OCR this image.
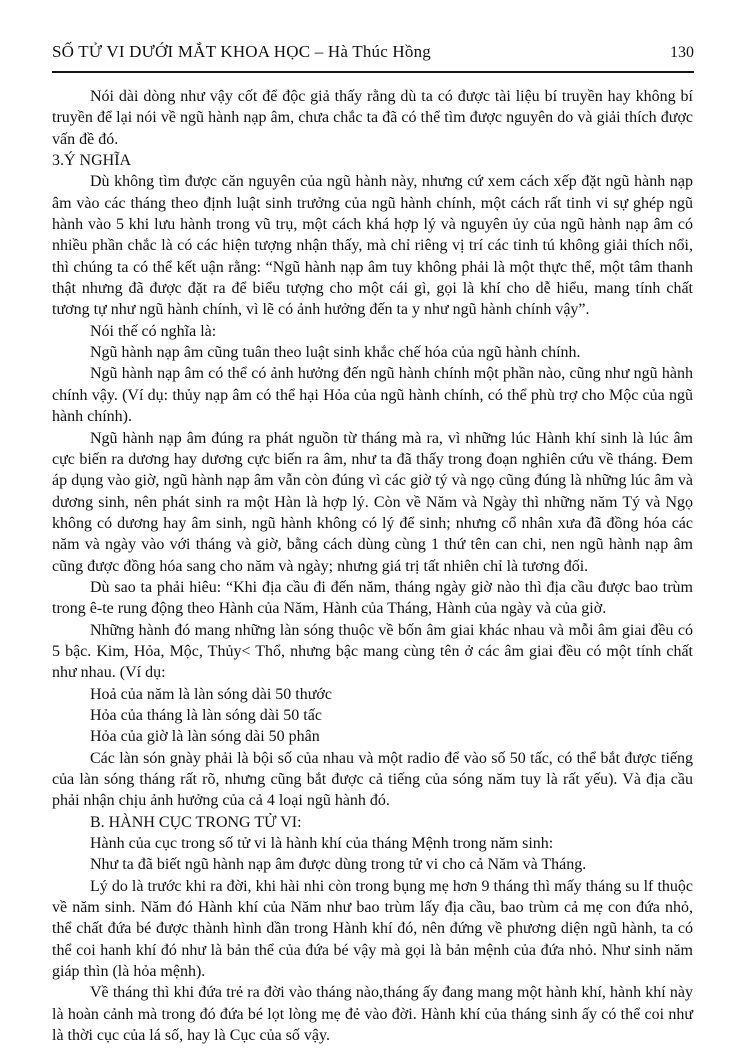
SỐ TỬ VI DƯỚI MẮT KHOA HỌC – Hà Thúc Hồng	130

Nói dài dòng như vậy cốt để độc giả thấy rằng dù ta có được tài liệu bí truyền hay không bí truyền để lại nói về ngũ hành nạp âm, chưa chắc ta đã có thể tìm được nguyên do và giải thích được vấn đề đó.

3.Ý NGHĨA

Dù không tìm được căn nguyên của ngũ hành này, nhưng cứ xem cách xếp đặt ngũ hành nạp âm vào các tháng theo định luật sinh trưởng của ngũ hành chính, một cách rất tinh vi sự ghép ngũ hành vào 5 khi lưu hành trong vũ trụ, một cách khá hợp lý và nguyên ủy của ngũ hành nạp âm có nhiều phần chắc là có các hiện tượng nhận thấy, mà chỉ riêng vị trí các tinh tú không giải thích nổi, thì chúng ta có thể kết uận rằng: “Ngũ hành nạp âm tuy không phải là một thực thể, một tâm thanh thật nhưng đã được đặt ra để biểu tượng cho một cái gì, gọi là khí cho dễ hiểu, mang tính chất tương tự như ngũ hành chính, vì lẽ có ảnh hưởng đến ta y như ngũ hành chính vậy”.

Nói thế có nghĩa là:

Ngũ hành nạp âm cũng tuân theo luật sinh khắc chế hóa của ngũ hành chính.

Ngũ hành nạp âm có thể có ảnh hưởng đến ngũ hành chính một phần nào, cũng như ngũ hành chính vậy. (Ví dụ: thủy nạp âm có thể hại Hỏa của ngũ hành chính, có thể phù trợ cho Mộc của ngũ hành chính).

Ngũ hành nạp âm đúng ra phát nguồn từ tháng mà ra, vì những lúc Hành khí sinh là lúc âm cực biến ra dương hay dương cực biến ra âm, như ta đã thấy trong đoạn nghiên cứu về tháng. Đem áp dụng vào giờ, ngũ hành nạp âm vẫn còn đúng vì các giờ tý và ngọ cũng đúng là những lúc âm và dương sinh, nên phát sinh ra một Hàn là hợp lý. Còn về Năm và Ngày thì những năm Tý và Ngọ không có dương hay âm sinh, ngũ hành không có lý để sinh; nhưng cổ nhân xưa đã đồng hóa các năm và ngày vào với tháng và giờ, bằng cách dùng cùng 1 thứ tên can chi, nen ngũ hành nạp âm cũng được đồng hóa sang cho năm và ngày; nhưng giá trị tất nhiên chỉ là tương đối.

Dù sao ta phải hiêu: “Khi địa cầu đi đến năm, tháng ngày giờ nào thì địa cầu được bao trùm trong ê-te rung động theo Hành của Năm, Hành của Tháng, Hành của ngày và của giờ.

Những hành đó mang những làn sóng thuộc về bốn âm giai khác nhau và mỗi âm giai đều có 5 bậc. Kim, Hỏa, Mộc, Thủy< Thổ, nhưng bậc mang cùng tên ở các âm giai đều có một tính chất như nhau. (Ví dụ:

Hoả của năm là làn sóng dài 50 thước

Hỏa của tháng là làn sóng dài 50 tấc

Hỏa của giờ là làn sóng dài 50 phân

Các làn són gnày phải là bội số của nhau và một radio để vào số 50 tấc, có thể bắt được tiếng của làn sóng tháng rất rõ, nhưng cũng bắt được cả tiếng của sóng năm tuy là rất yếu). Và địa cầu phải nhận chịu ảnh hưởng của cả 4 loại ngũ hành đó.

B. HÀNH CỤC TRONG TỬ VI:

Hành của cục trong số tử vi là hành khí của tháng Mệnh trong năm sinh:

Như ta đã biết ngũ hành nạp âm được dùng trong tử vi cho cả Năm và Tháng.

Lý do là trước khi ra đời, khi hài nhi còn trong bụng mẹ hơn 9 tháng thì mấy tháng su lf thuộc về năm sinh. Năm đó Hành khí của Năm như bao trùm lấy địa cầu, bao trùm cả mẹ con đứa nhỏ, thể chất đứa bé được thành hình dần trong Hành khí đó, nên đứng về phương diện ngũ hành, ta có thể coi hanh khí đó như là bản thể của đứa bé vậy mà gọi là bản mệnh của đứa nhỏ. Như sinh năm giáp thìn (là hỏa mệnh).

Về tháng thì khi đứa trẻ ra đời vào tháng nào,tháng ấy đang mang một hành khí, hành khí này là hoàn cảnh mà trong đó đứa bé lọt lòng mẹ đẻ vào đời. Hành khí của tháng sinh ấy có thể coi như là thời cục của lá số, hay là Cục của số vậy.
